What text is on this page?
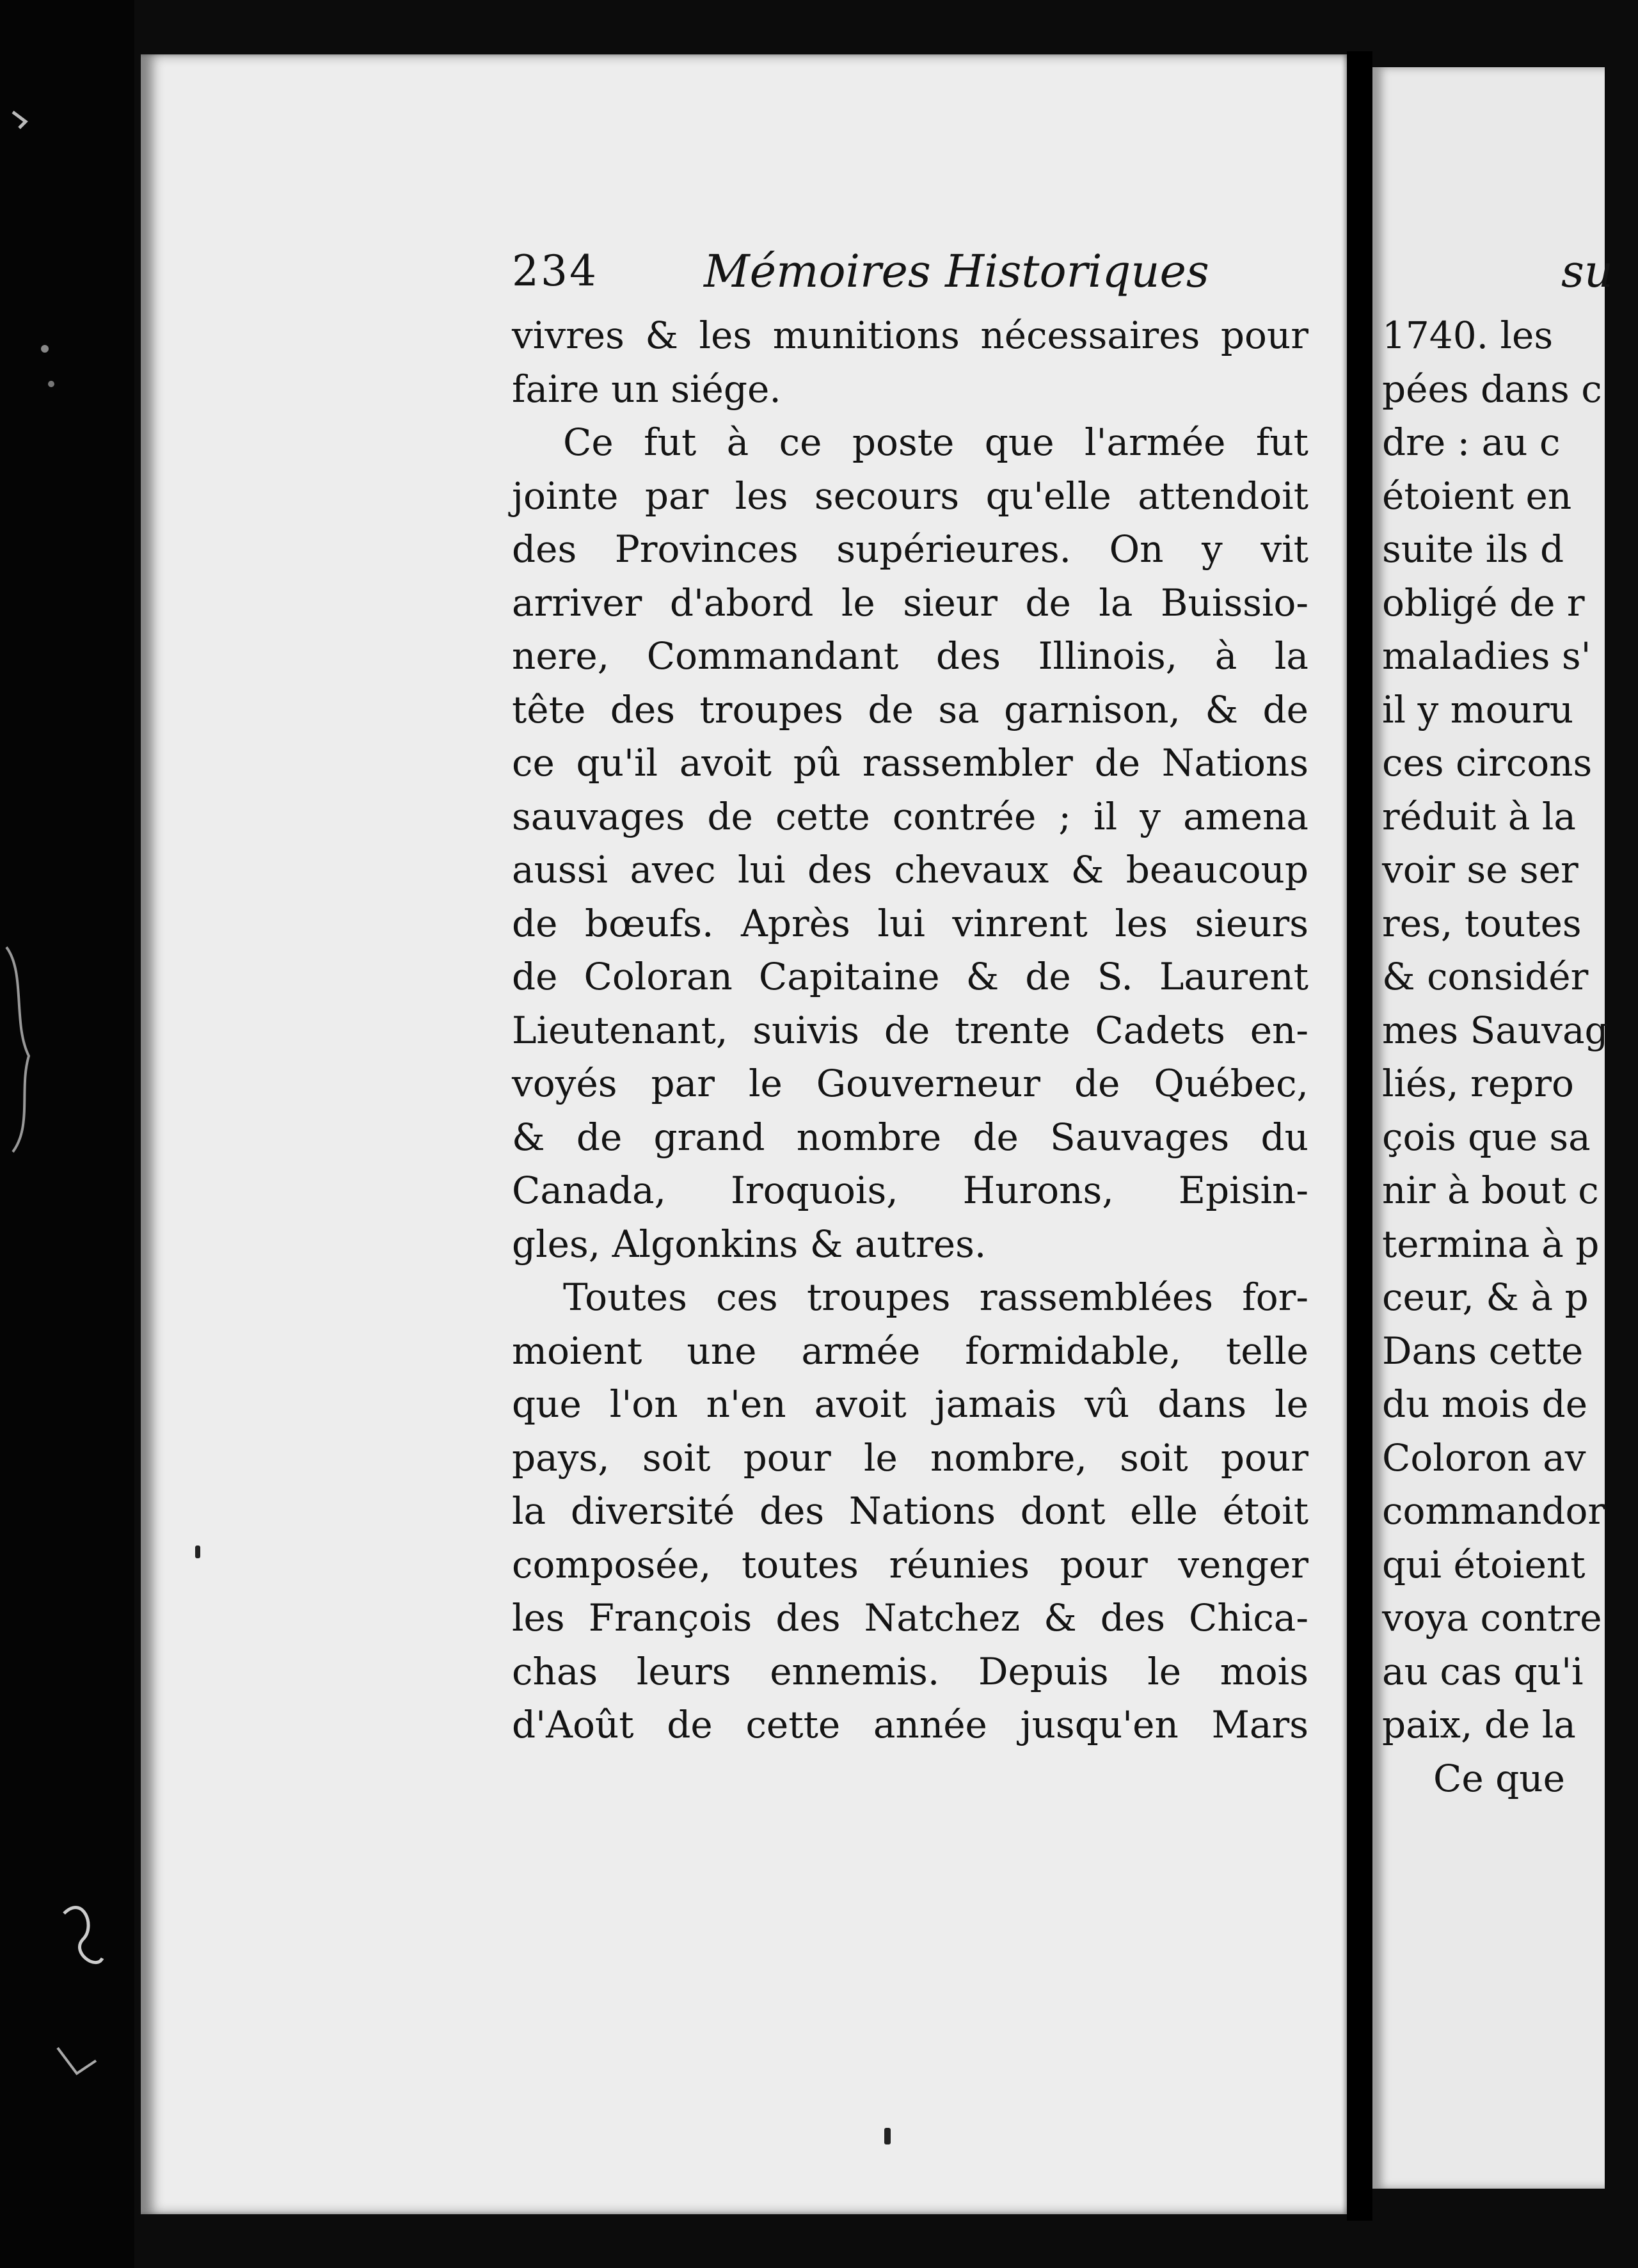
234	Mémoires Historiques
vivres & les munitions nécessaires pour
faire un siége.
Ce fut à ce poste que l'armée fut
jointe par les secours qu'elle attendoit
des Provinces supérieures. On y vit
arriver d'abord le sieur de la Buissio-
nere, Commandant des Illinois, à la
tête des troupes de sa garnison, & de
ce qu'il avoit pû rassembler de Nations
sauvages de cette contrée ; il y amena
aussi avec lui des chevaux & beaucoup
de bœufs. Après lui vinrent les sieurs
de Coloran Capitaine & de S. Laurent
Lieutenant, suivis de trente Cadets en-
voyés par le Gouverneur de Québec,
& de grand nombre de Sauvages du
Canada, Iroquois, Hurons, Episin-
gles, Algonkins & autres.
Toutes ces troupes rassemblées for-
moient une armée formidable, telle
que l'on n'en avoit jamais vû dans le
pays, soit pour le nombre, soit pour
la diversité des Nations dont elle étoit
composée, toutes réunies pour venger
les François des Natchez & des Chica-
chas leurs ennemis. Depuis le mois
d'Août de cette année jusqu'en Mars
su
1740. les
pées dans c
dre : au c
étoient en
suite ils d
obligé de r
maladies s'
il y mouru
ces circons
réduit à la
voir se ser
res, toutes
& considér
mes Sauvag
liés, repro
çois que sa
nir à bout c
termina à p
ceur, & à p
Dans cette
du mois de
Coloron av
commandor
qui étoient
voya contre
au cas qu'i
paix, de la
Ce que
